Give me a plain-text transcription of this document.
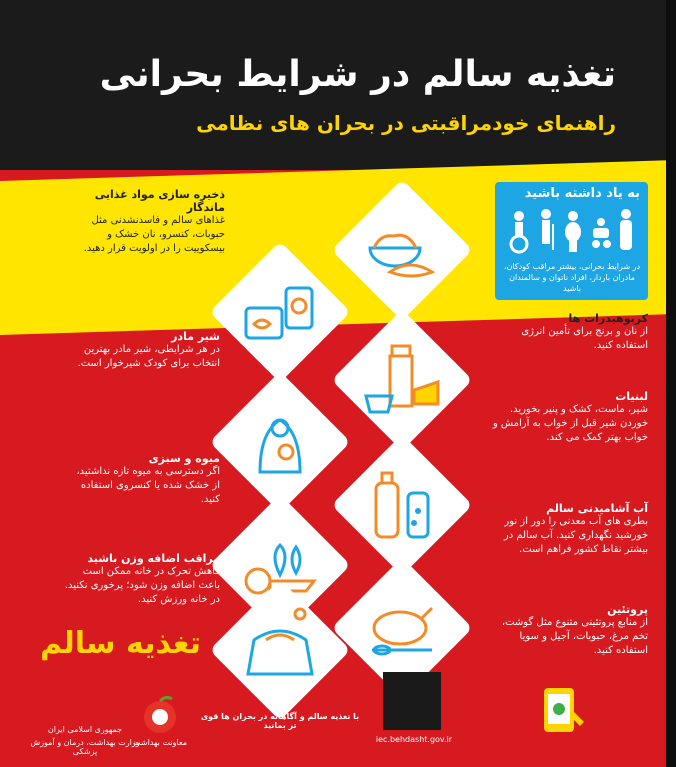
تغذیه سالم در شرایط بحرانی
راهنمای خودمراقبتی در بحران های نظامی
به یاد داشته باشید
در شرایط بحرانی، بیشتر مراقب کودکان، مادران باردار، افراد ناتوان و سالمندان باشید
ذخیره سازی مواد غذایی ماندگار
غذاهای سالم و فاسدنشدنی مثل حبوبات، کنسرو، نان خشک و بیسکوییت را در اولویت قرار دهید.
کربوهیدرات ها
از نان و برنج برای تأمین انرژی استفاده کنید.
شیر مادر
در هر شرایطی، شیر مادر بهترین انتخاب برای کودک شیرخوار است.
لبنیات
شیر، ماست، کشک و پنیر بخورید. خوردن شیر قبل از خواب به آرامش و خواب بهتر کمک می کند.
میوه و سبزی
اگر دسترسی به میوه تازه نداشتید، از خشک شده یا کنسروی استفاده کنید.
آب آشامیدنی سالم
بطری های آب معدنی را دور از نور خورشید نگهداری کنید. آب سالم در بیشتر نقاط کشور فراهم است.
مراقب اضافه وزن باشید
کاهش تحرک در خانه ممکن است باعث اضافه وزن شود؛ پرخوری نکنید. در خانه ورزش کنید.
پروتئین
از منابع پروتئینی متنوع مثل گوشت، تخم مرغ، حبوبات، آجیل و سویا استفاده کنید.
تغذیه سالم
جمهوری اسلامی ایران
وزارت بهداشت، درمان و آموزش پزشکی
معاونت بهداشت
با تغذیه سالم و آگاهانه در بحران ها قوی تر بمانید
iec.behdasht.gov.ir
